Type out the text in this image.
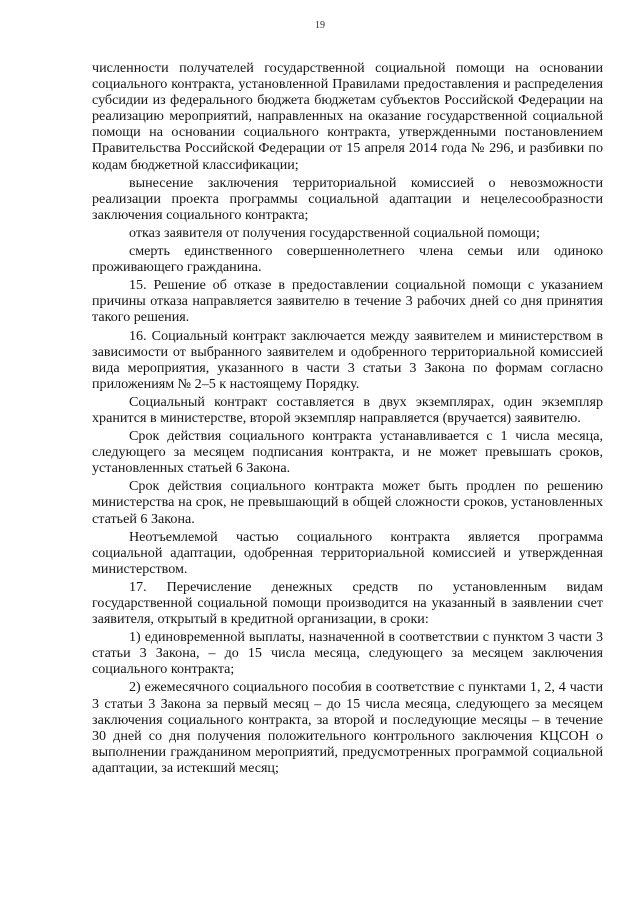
19

численности получателей государственной социальной помощи на основании социального контракта, установленной Правилами предоставления и распределения субсидии из федерального бюджета бюджетам субъектов Российской Федерации на реализацию мероприятий, направленных на оказание государственной социальной помощи на основании социального контракта, утвержденными постановлением Правительства Российской Федерации от 15 апреля 2014 года № 296, и разбивки по кодам бюджетной классификации;

вынесение заключения территориальной комиссией о невозможности реализации проекта программы социальной адаптации и нецелесообразности заключения социального контракта;

отказ заявителя от получения государственной социальной помощи;

смерть единственного совершеннолетнего члена семьи или одиноко проживающего гражданина.

15. Решение об отказе в предоставлении социальной помощи с указанием причины отказа направляется заявителю в течение 3 рабочих дней со дня принятия такого решения.

16. Социальный контракт заключается между заявителем и министерством в зависимости от выбранного заявителем и одобренного территориальной комиссией вида мероприятия, указанного в части 3 статьи 3 Закона по формам согласно приложениям № 2–5 к настоящему Порядку.

Социальный контракт составляется в двух экземплярах, один экземпляр хранится в министерстве, второй экземпляр направляется (вручается) заявителю.

Срок действия социального контракта устанавливается с 1 числа месяца, следующего за месяцем подписания контракта, и не может превышать сроков, установленных статьей 6 Закона.

Срок действия социального контракта может быть продлен по решению министерства на срок, не превышающий в общей сложности сроков, установленных статьей 6 Закона.

Неотъемлемой частью социального контракта является программа социальной адаптации, одобренная территориальной комиссией и утвержденная министерством.

17. Перечисление денежных средств по установленным видам государственной социальной помощи производится на указанный в заявлении счет заявителя, открытый в кредитной организации, в сроки:

1) единовременной выплаты, назначенной в соответствии с пунктом 3 части 3 статьи 3 Закона, – до 15 числа месяца, следующего за месяцем заключения социального контракта;

2) ежемесячного социального пособия в соответствие с пунктами 1, 2, 4 части 3 статьи 3 Закона за первый месяц – до 15 числа месяца, следующего за месяцем заключения социального контракта, за второй и последующие месяцы – в течение 30 дней со дня получения положительного контрольного заключения КЦСОН о выполнении гражданином мероприятий, предусмотренных программой социальной адаптации, за истекший месяц;
